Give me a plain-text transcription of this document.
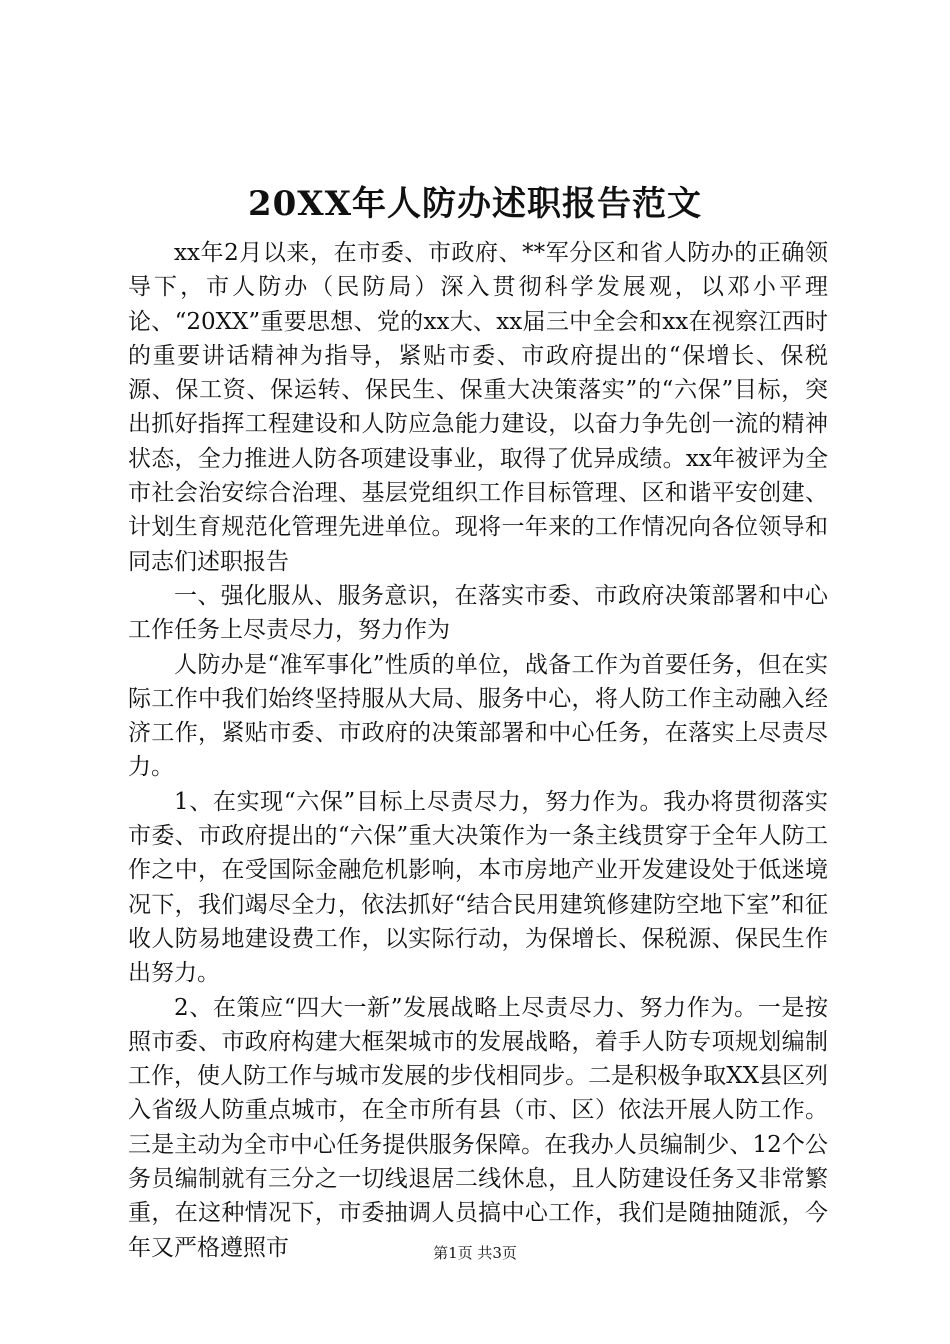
20XX年人防办述职报告范文

xx年2月以来，在市委、市政府、**军分区和省人防办的正确领导下，市人防办（民防局）深入贯彻科学发展观，以邓小平理论、“20XX”重要思想、党的xx大、xx届三中全会和xx在视察江西时的重要讲话精神为指导，紧贴市委、市政府提出的“保增长、保税源、保工资、保运转、保民生、保重大决策落实”的“六保”目标，突出抓好指挥工程建设和人防应急能力建设，以奋力争先创一流的精神状态，全力推进人防各项建设事业，取得了优异成绩。xx年被评为全市社会治安综合治理、基层党组织工作目标管理、区和谐平安创建、计划生育规范化管理先进单位。现将一年来的工作情况向各位领导和同志们述职报告

一、强化服从、服务意识，在落实市委、市政府决策部署和中心工作任务上尽责尽力，努力作为

人防办是“准军事化”性质的单位，战备工作为首要任务，但在实际工作中我们始终坚持服从大局、服务中心，将人防工作主动融入经济工作，紧贴市委、市政府的决策部署和中心任务，在落实上尽责尽力。

1、在实现“六保”目标上尽责尽力，努力作为。我办将贯彻落实市委、市政府提出的“六保”重大决策作为一条主线贯穿于全年人防工作之中，在受国际金融危机影响，本市房地产业开发建设处于低迷境况下，我们竭尽全力，依法抓好“结合民用建筑修建防空地下室”和征收人防易地建设费工作，以实际行动，为保增长、保税源、保民生作出努力。

2、在策应“四大一新”发展战略上尽责尽力、努力作为。一是按照市委、市政府构建大框架城市的发展战略，着手人防专项规划编制工作，使人防工作与城市发展的步伐相同步。二是积极争取XX县区列入省级人防重点城市，在全市所有县（市、区）依法开展人防工作。三是主动为全市中心任务提供服务保障。在我办人员编制少、12个公务员编制就有三分之一切线退居二线休息，且人防建设任务又非常繁重，在这种情况下，市委抽调人员搞中心工作，我们是随抽随派，今年又严格遵照市	第1页 共3页
